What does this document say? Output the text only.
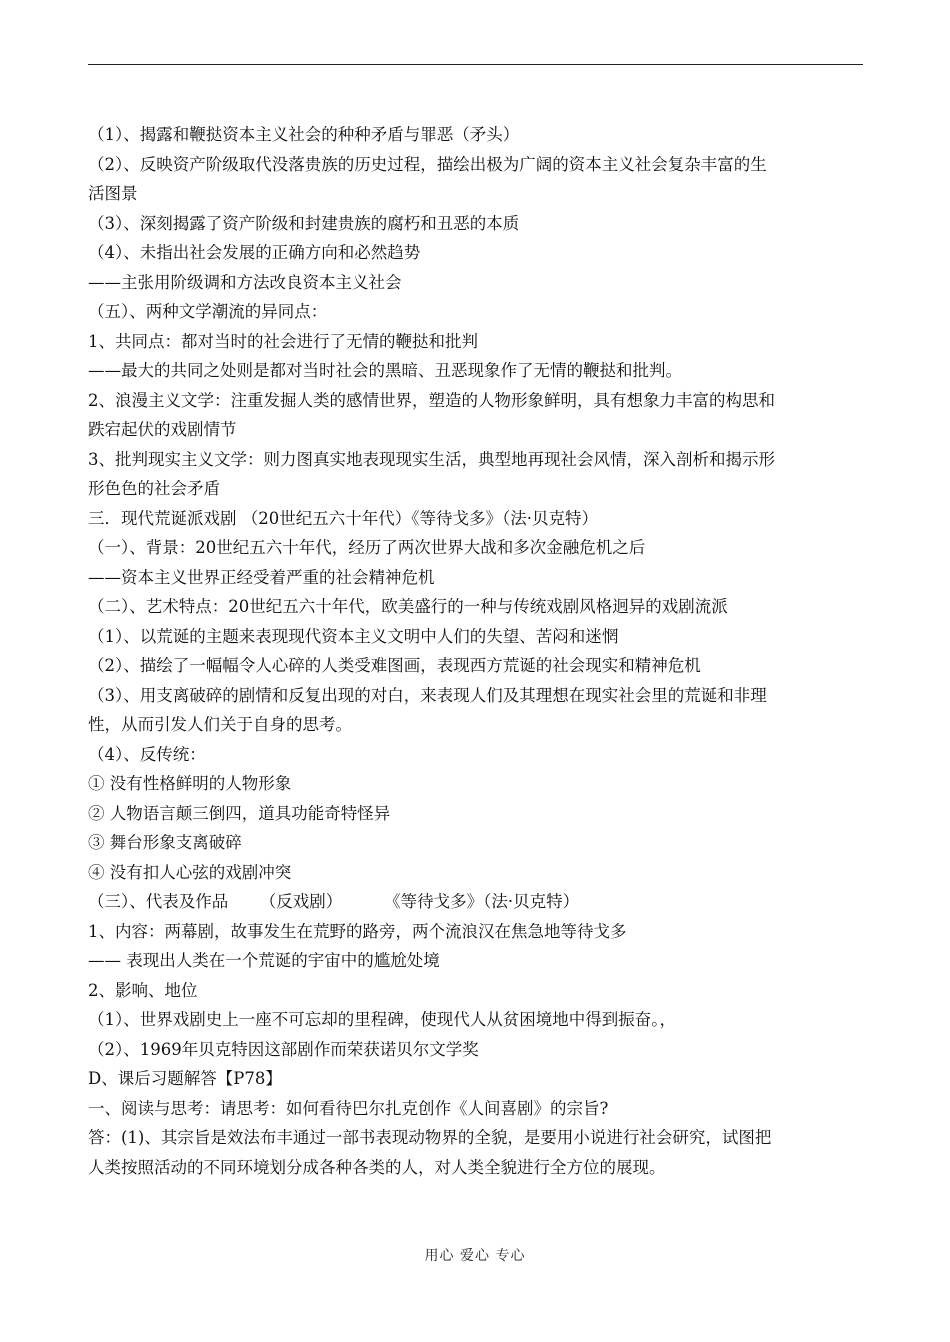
（1）、揭露和鞭挞资本主义社会的种种矛盾与罪恶（矛头）
（2）、反映资产阶级取代没落贵族的历史过程，描绘出极为广阔的资本主义社会复杂丰富的生
活图景
（3）、深刻揭露了资产阶级和封建贵族的腐朽和丑恶的本质
（4）、未指出社会发展的正确方向和必然趋势
——主张用阶级调和方法改良资本主义社会
（五）、两种文学潮流的异同点：
1、共同点：都对当时的社会进行了无情的鞭挞和批判
——最大的共同之处则是都对当时社会的黑暗、丑恶现象作了无情的鞭挞和批判。
2、浪漫主义文学：注重发掘人类的感情世界，塑造的人物形象鲜明，具有想象力丰富的构思和
跌宕起伏的戏剧情节
3、批判现实主义文学：则力图真实地表现现实生活，典型地再现社会风情，深入剖析和揭示形
形色色的社会矛盾
三．现代荒诞派戏剧 （20世纪五六十年代）《等待戈多》（法·贝克特）
（一）、背景：20世纪五六十年代，经历了两次世界大战和多次金融危机之后
——资本主义世界正经受着严重的社会精神危机
（二）、艺术特点：20世纪五六十年代，欧美盛行的一种与传统戏剧风格迥异的戏剧流派
（1）、以荒诞的主题来表现现代资本主义文明中人们的失望、苦闷和迷惘
（2）、描绘了一幅幅令人心碎的人类受难图画，表现西方荒诞的社会现实和精神危机
（3）、用支离破碎的剧情和反复出现的对白，来表现人们及其理想在现实社会里的荒诞和非理
性，从而引发人们关于自身的思考。
（4）、反传统：
① 没有性格鲜明的人物形象
② 人物语言颠三倒四，道具功能奇特怪异
③ 舞台形象支离破碎
④ 没有扣人心弦的戏剧冲突
（三）、代表及作品      （反戏剧）        《等待戈多》（法·贝克特）
1、内容：两幕剧，故事发生在荒野的路旁，两个流浪汉在焦急地等待戈多
—— 表现出人类在一个荒诞的宇宙中的尴尬处境
2、影响、地位
（1）、世界戏剧史上一座不可忘却的里程碑，使现代人从贫困境地中得到振奋。，
（2）、1969年贝克特因这部剧作而荣获诺贝尔文学奖
D、课后习题解答【P78】
一、阅读与思考：请思考：如何看待巴尔扎克创作《人间喜剧》的宗旨?
答：(1)、其宗旨是效法布丰通过一部书表现动物界的全貌，是要用小说进行社会研究，试图把
人类按照活动的不同环境划分成各种各类的人，对人类全貌进行全方位的展现。
用心 爱心 专心
